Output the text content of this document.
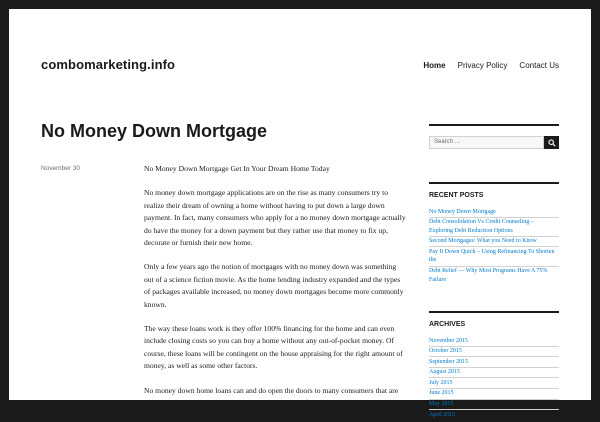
combomarketing.info	Home Privacy Policy Contact Us
No Money Down Mortgage
November 30	No Money Down Mortgage Get In Your Dream Home Today

No money down mortgage applications are on the rise as many consumers try to realize their dream of owning a home without having to put down a large down payment. In fact, many consumers who apply for a no money down mortgage actually do have the money for a down payment but they rather use that money to fix up, decorate or furnish their new home.

Only a few years ago the notion of mortgages with no money down was something out of a science fiction movie. As the home lending industry expanded and the types of packages available increased, no money down mortgages become more commonly known.

The way these loans work is they offer 100% financing for the home and can even include closing costs so you can buy a home without any out-of-pocket money. Of course, these loans will be contingent on the house appraising for the right amount of money, as well as some other factors.

No money down home loans can and do open the doors to many consumers that are looking to buy a home and have been unable to save for a down

Search …
RECENT POSTS
No Money Down Mortgage
Debt Consolidation Vs Credit Counseling – Exploring Debt Reduction Options
Second Mortgages: What you Need to Know
Pay It Down Quick – Using Refinancing To Shorten the
Debt Relief — Why Most Programs Have A 75% Failure
ARCHIVES
November 2015
October 2015
September 2015
August 2015
July 2015
June 2015
May 2015
April 2015
